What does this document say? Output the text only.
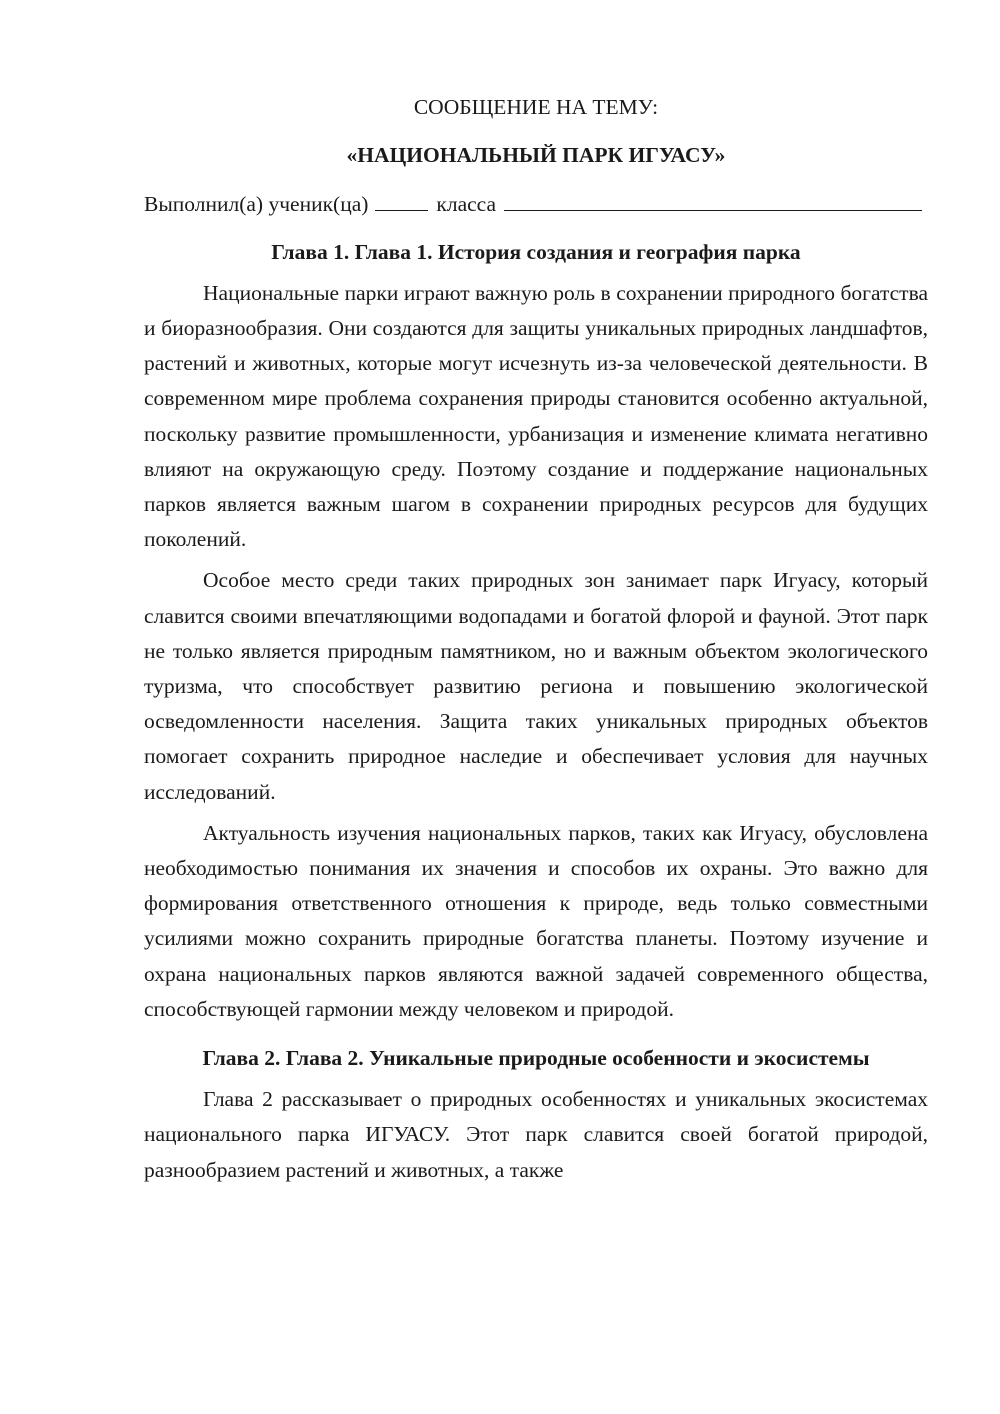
СООБЩЕНИЕ НА ТЕМУ:

«НАЦИОНАЛЬНЫЙ ПАРК ИГУАСУ»

Выполнил(а) ученик(ца)	класса

Глава 1. Глава 1. История создания и география парка

Национальные парки играют важную роль в сохранении природного богатства и биоразнообразия. Они создаются для защиты уникальных природных ландшафтов, растений и животных, которые могут исчезнуть из-за человеческой деятельности. В современном мире проблема сохранения природы становится особенно актуальной, поскольку развитие промышленности, урбанизация и изменение климата негативно влияют на окружающую среду. Поэтому создание и поддержание национальных парков является важным шагом в сохранении природных ресурсов для будущих поколений.

Особое место среди таких природных зон занимает парк Игуасу, который славится своими впечатляющими водопадами и богатой флорой и фауной. Этот парк не только является природным памятником, но и важным объектом экологического туризма, что способствует развитию региона и повышению экологической осведомленности населения. Защита таких уникальных природных объектов помогает сохранить природное наследие и обеспечивает условия для научных исследований.

Актуальность изучения национальных парков, таких как Игуасу, обусловлена необходимостью понимания их значения и способов их охраны. Это важно для формирования ответственного отношения к природе, ведь только совместными усилиями можно сохранить природные богатства планеты. Поэтому изучение и охрана национальных парков являются важной задачей современного общества, способствующей гармонии между человеком и природой.

Глава 2. Глава 2. Уникальные природные особенности и экосистемы

Глава 2 рассказывает о природных особенностях и уникальных экосистемах национального парка ИГУАСУ. Этот парк славится своей богатой природой, разнообразием растений и животных, а также
